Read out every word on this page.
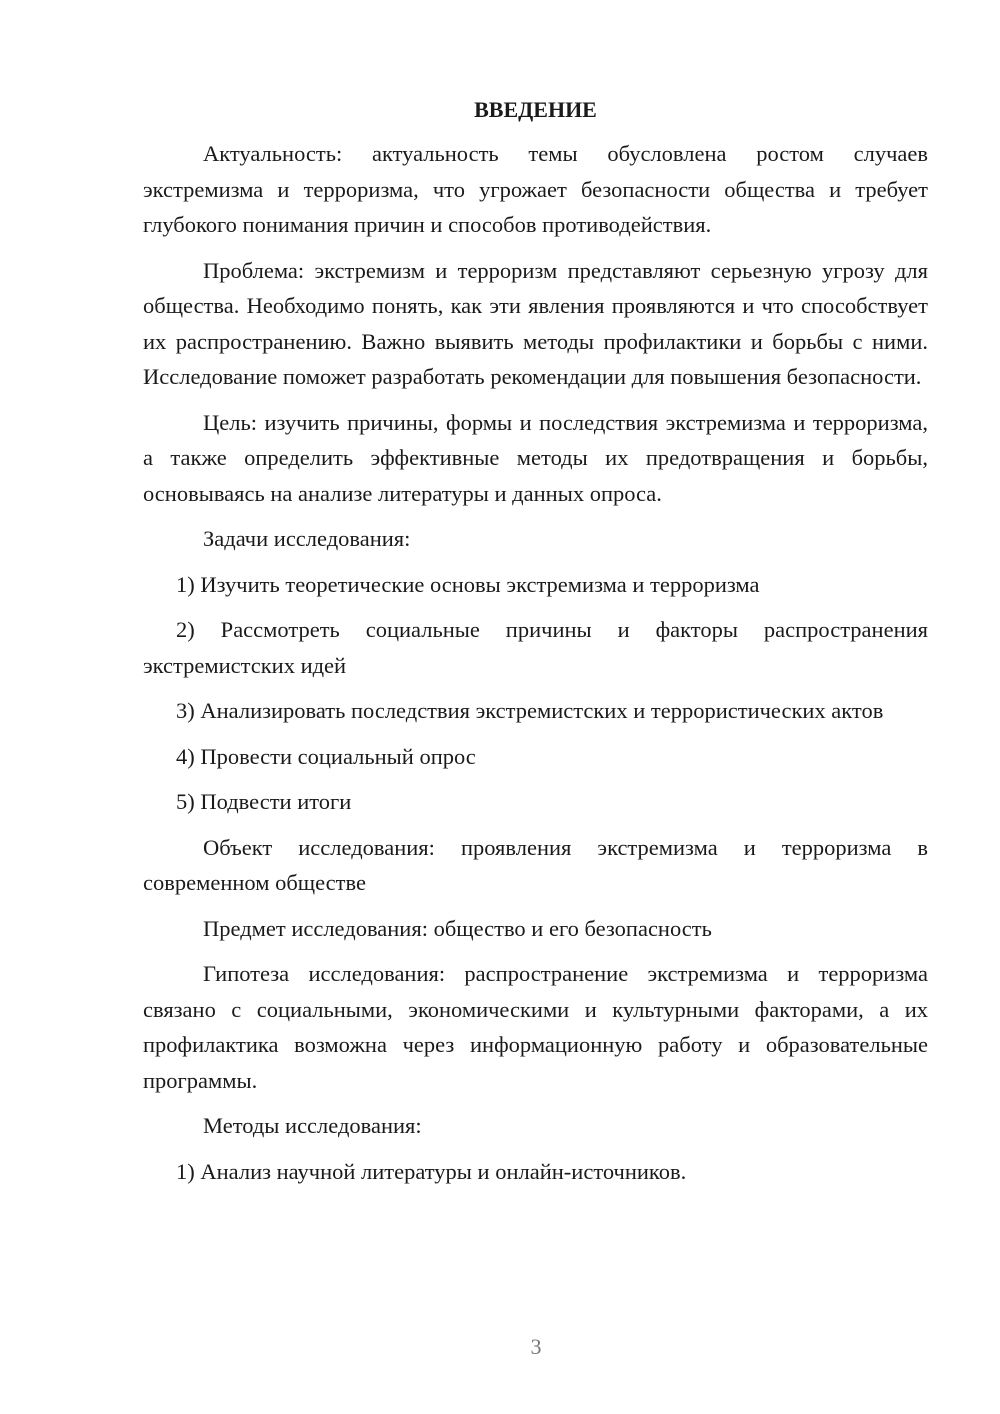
ВВЕДЕНИЕ

Актуальность: актуальность темы обусловлена ростом случаев экстремизма и терроризма, что угрожает безопасности общества и требует глубокого понимания причин и способов противодействия.

Проблема: экстремизм и терроризм представляют серьезную угрозу для общества. Необходимо понять, как эти явления проявляются и что способствует их распространению. Важно выявить методы профилактики и борьбы с ними. Исследование поможет разработать рекомендации для повышения безопасности.

Цель: изучить причины, формы и последствия экстремизма и терроризма, а также определить эффективные методы их предотвращения и борьбы, основываясь на анализе литературы и данных опроса.

Задачи исследования:

1) Изучить теоретические основы экстремизма и терроризма

2) Рассмотреть социальные причины и факторы распространения экстремистских идей

3) Анализировать последствия экстремистских и террористических актов

4) Провести социальный опрос

5) Подвести итоги

Объект исследования: проявления экстремизма и терроризма в современном обществе

Предмет исследования: общество и его безопасность

Гипотеза исследования: распространение экстремизма и терроризма связано с социальными, экономическими и культурными факторами, а их профилактика возможна через информационную работу и образовательные программы.

Методы исследования:

1) Анализ научной литературы и онлайн-источников.

3
